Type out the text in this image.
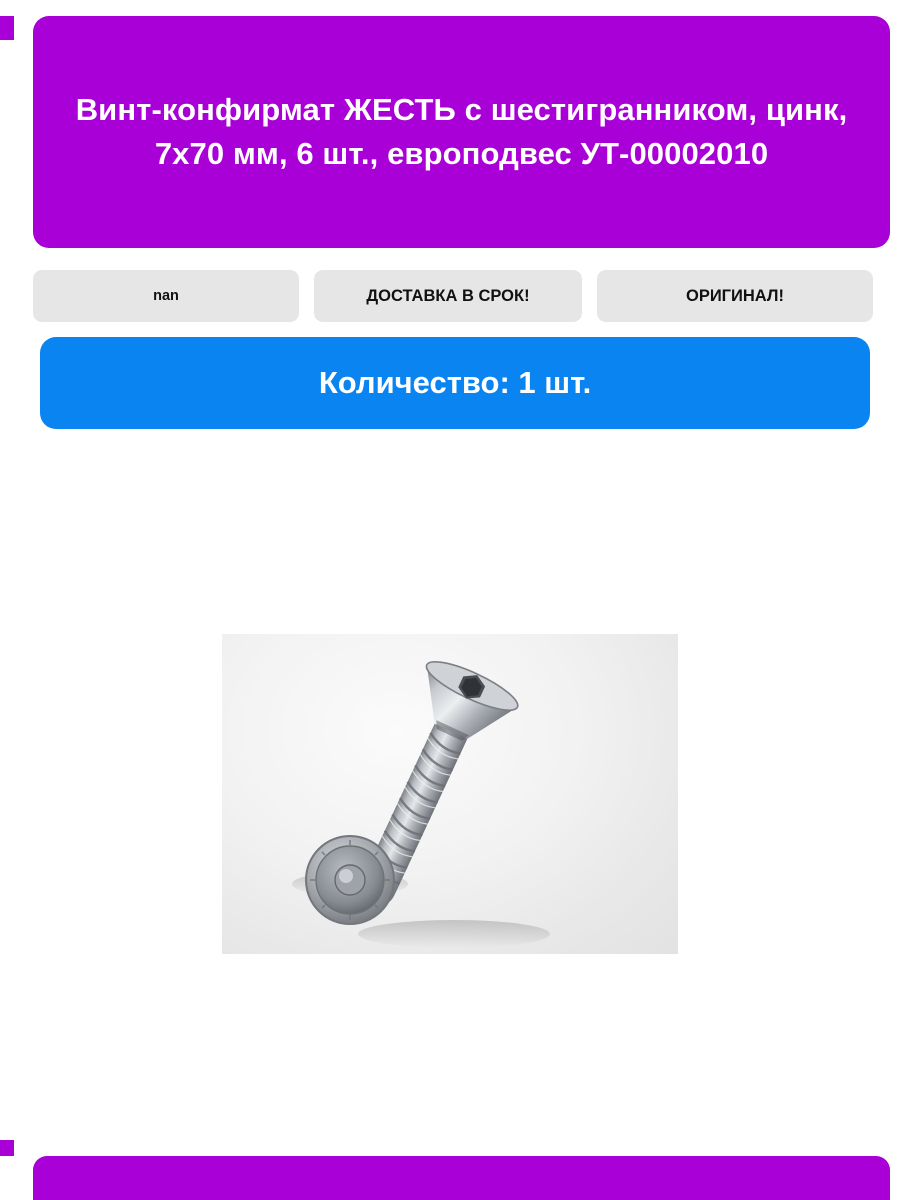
Винт-конфирмат ЖЕСТЬ с шестигранником, цинк, 7х70 мм, 6 шт., европодвес УТ-00002010
nan	ДОСТАВКА В СРОК!	ОРИГИНАЛ!
Количество: 1 шт.
